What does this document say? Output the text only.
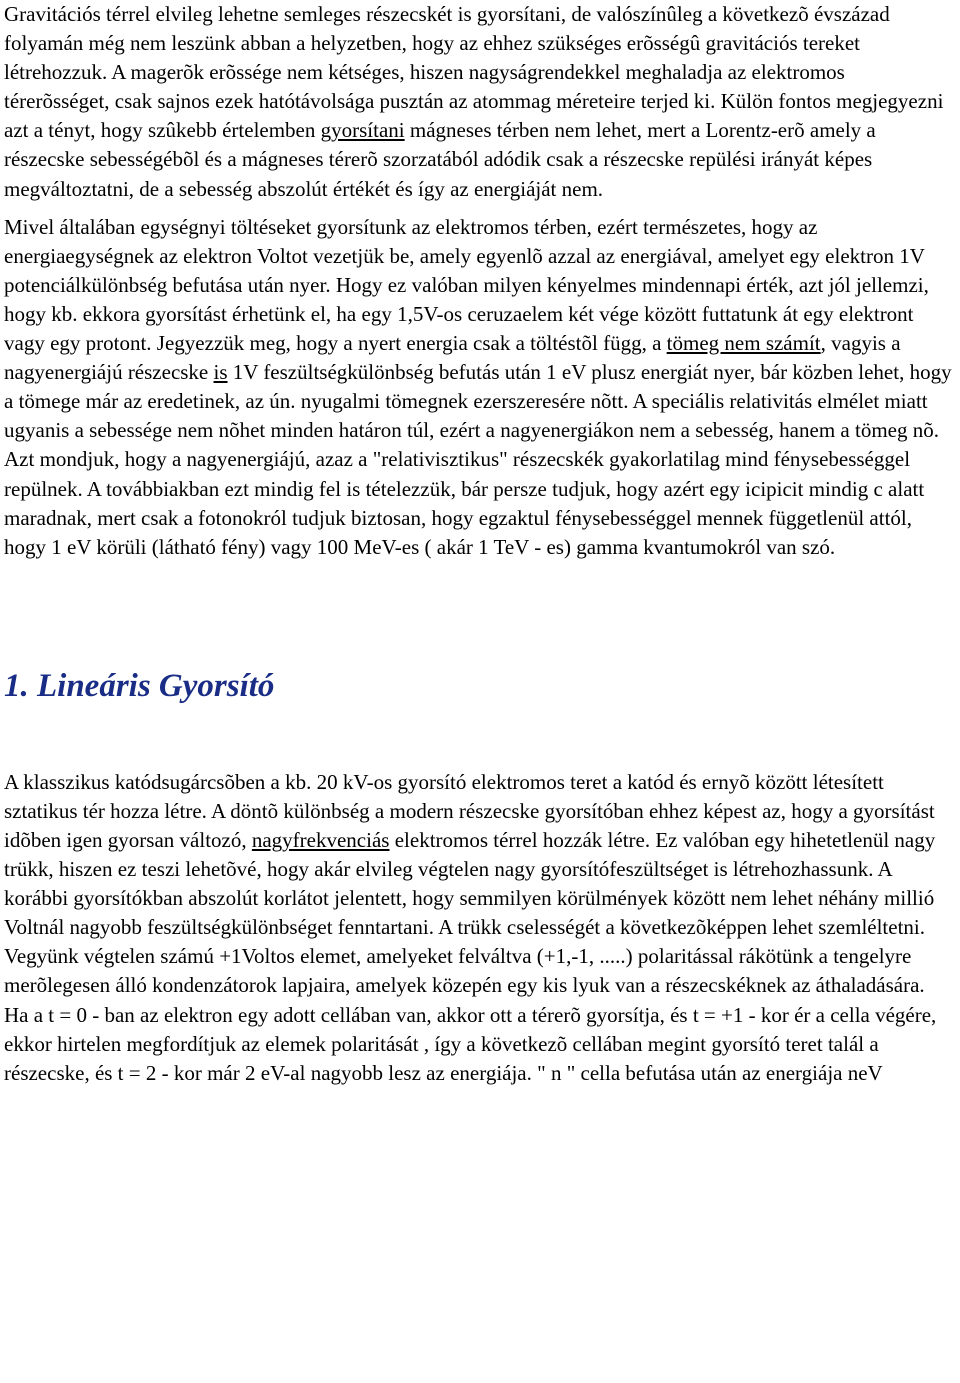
Gravitációs térrel elvileg lehetne semleges részecskét is gyorsítani, de valószínûleg a következõ évszázad folyamán még nem leszünk abban a helyzetben, hogy az ehhez szükséges erõsségû gravitációs tereket létrehozzuk. A magerõk erõssége nem kétséges, hiszen nagyságrendekkel meghaladja az elektromos térerõsséget, csak sajnos ezek hatótávolsága pusztán az atommag méreteire terjed ki. Külön fontos megjegyezni azt a tényt, hogy szûkebb értelemben gyorsítani mágneses térben nem lehet, mert a Lorentz-erõ amely a részecske sebességébõl és a mágneses térerõ szorzatából adódik csak a részecske repülési irányát képes megváltoztatni, de a sebesség abszolút értékét és így az energiáját nem.

Mivel általában egységnyi töltéseket gyorsítunk az elektromos térben, ezért természetes, hogy az energiaegységnek az elektron Voltot vezetjük be, amely egyenlõ azzal az energiával, amelyet egy elektron 1V potenciálkülönbség befutása után nyer. Hogy ez valóban milyen kényelmes mindennapi érték, azt jól jellemzi, hogy kb. ekkora gyorsítást érhetünk el, ha egy 1,5V-os ceruzaelem két vége között futtatunk át egy elektront vagy egy protont. Jegyezzük meg, hogy a nyert energia csak a töltéstõl függ, a tömeg nem számít, vagyis a nagyenergiájú részecske is 1V feszültségkülönbség befutás után 1 eV plusz energiát nyer, bár közben lehet, hogy a tömege már az eredetinek, az ún. nyugalmi tömegnek ezerszeresére nõtt. A speciális relativitás elmélet miatt ugyanis a sebessége nem nõhet minden határon túl, ezért a nagyenergiákon nem a sebesség, hanem a tömeg nõ. Azt mondjuk, hogy a nagyenergiájú, azaz a "relativisztikus" részecskék gyakorlatilag mind fénysebességgel repülnek. A továbbiakban ezt mindig fel is tételezzük, bár persze tudjuk, hogy azért egy icipicit mindig c alatt maradnak, mert csak a fotonokról tudjuk biztosan, hogy egzaktul fénysebességgel mennek függetlenül attól, hogy 1 eV körüli (látható fény) vagy 100 MeV-es ( akár 1 TeV - es) gamma kvantumokról van szó.

1. Lineáris Gyorsító

A klasszikus katódsugárcsõben a kb. 20 kV-os gyorsító elektromos teret a katód és ernyõ között létesített sztatikus tér hozza létre. A döntõ különbség a modern részecske gyorsítóban ehhez képest az, hogy a gyorsítást idõben igen gyorsan változó, nagyfrekvenciás elektromos térrel hozzák létre. Ez valóban egy hihetetlenül nagy trükk, hiszen ez teszi lehetõvé, hogy akár elvileg végtelen nagy gyorsítófeszültséget is létrehozhassunk. A korábbi gyorsítókban abszolút korlátot jelentett, hogy semmilyen körülmények között nem lehet néhány millió Voltnál nagyobb feszültségkülönbséget fenntartani. A trükk cselességét a következõképpen lehet szemléltetni. Vegyünk végtelen számú +1Voltos elemet, amelyeket felváltva (+1,-1, .....) polaritással rákötünk a tengelyre merõlegesen álló kondenzátorok lapjaira, amelyek közepén egy kis lyuk van a részecskéknek az áthaladására. Ha a t = 0 - ban az elektron egy adott cellában van, akkor ott a térerõ gyorsítja, és t = +1 - kor ér a cella végére, ekkor hirtelen megfordítjuk az elemek polaritását , így a következõ cellában megint gyorsító teret talál a részecske, és t = 2 - kor már 2 eV-al nagyobb lesz az energiája. " n " cella befutása után az energiája neV
